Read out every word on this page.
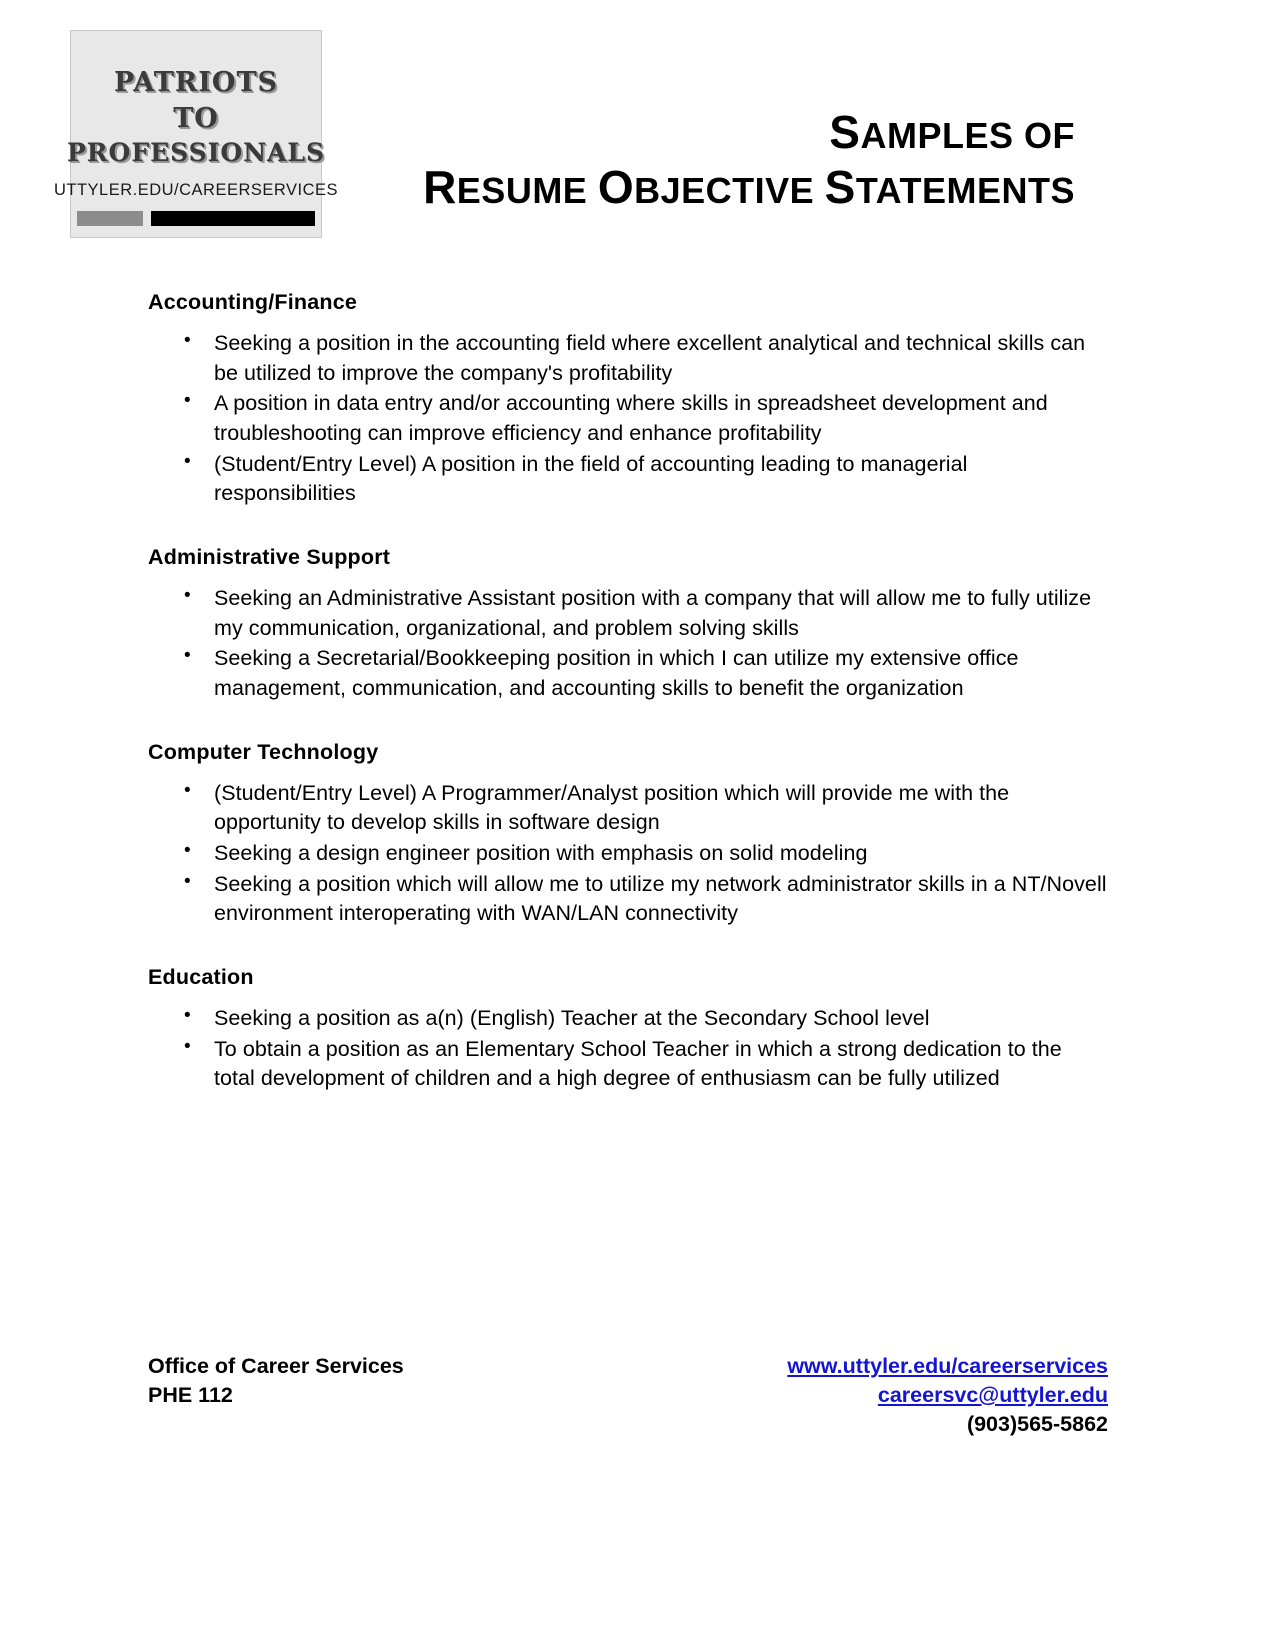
PATRIOTS
TO
PROFESSIONALS
UTTYLER.EDU/CAREERSERVICES
SAMPLES OF
RESUME OBJECTIVE STATEMENTS
Accounting/Finance
• Seeking a position in the accounting field where excellent analytical and technical skills can be utilized to improve the company's profitability
• A position in data entry and/or accounting where skills in spreadsheet development and troubleshooting can improve efficiency and enhance profitability
• (Student/Entry Level) A position in the field of accounting leading to managerial responsibilities
Administrative Support
• Seeking an Administrative Assistant position with a company that will allow me to fully utilize my communication, organizational, and problem solving skills
• Seeking a Secretarial/Bookkeeping position in which I can utilize my extensive office management, communication, and accounting skills to benefit the organization
Computer Technology
• (Student/Entry Level) A Programmer/Analyst position which will provide me with the opportunity to develop skills in software design
• Seeking a design engineer position with emphasis on solid modeling
• Seeking a position which will allow me to utilize my network administrator skills in a NT/Novell environment interoperating with WAN/LAN connectivity
Education
• Seeking a position as a(n) (English) Teacher at the Secondary School level
• To obtain a position as an Elementary School Teacher in which a strong dedication to the total development of children and a high degree of enthusiasm can be fully utilized
Office of Career Services
PHE 112
www.uttyler.edu/careerservices
careersvc@uttyler.edu
(903)565-5862
